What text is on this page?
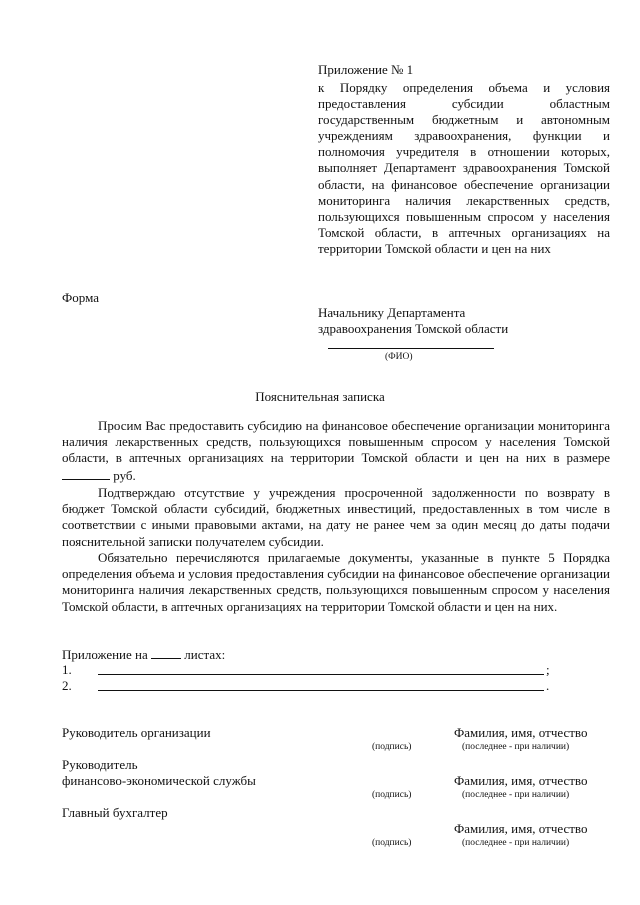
Приложение № 1
к Порядку определения объема и условия предоставления субсидии областным государственным бюджетным и автономным учреждениям здравоохранения, функции и полномочия учредителя в отношении которых, выполняет Департамент здравоохранения Томской области, на финансовое обеспечение организации мониторинга наличия лекарственных средств, пользующихся повышенным спросом у населения Томской области, в аптечных организациях на территории Томской области и цен на них
Форма
Начальнику Департамента
здравоохранения Томской области
(ФИО)
Пояснительная записка
Просим Вас предоставить субсидию на финансовое обеспечение организации мониторинга наличия лекарственных средств, пользующихся повышенным спросом у населения Томской области, в аптечных организациях на территории Томской области и цен на них в размере  руб.
Подтверждаю отсутствие у учреждения просроченной задолженности по возврату в бюджет Томской области субсидий, бюджетных инвестиций, предоставленных в том числе в соответствии с иными правовыми актами, на дату не ранее чем за один месяц до даты подачи пояснительной записки получателем субсидии.
Обязательно перечисляются прилагаемые документы, указанные в пункте 5 Порядка определения объема и условия предоставления субсидии на финансовое обеспечение организации мониторинга наличия лекарственных средств, пользующихся повышенным спросом у населения Томской области, в аптечных организациях на территории Томской области и цен на них.
Приложение на	листах:
1.	;
2.	.
Руководитель организации	Фамилия, имя, отчество
(подпись)	(последнее - при наличии)
Руководитель
финансово-экономической службы	Фамилия, имя, отчество
(подпись)	(последнее - при наличии)
Главный бухгалтер
Фамилия, имя, отчество
(подпись)	(последнее - при наличии)
